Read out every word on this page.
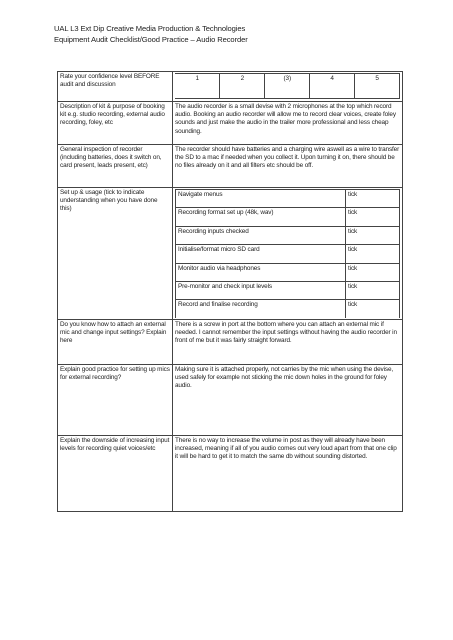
UAL L3 Ext Dip Creative Media Production & Technologies
Equipment Audit Checklist/Good Practice – Audio Recorder
Rate your confidence level BEFORE audit and discussion	
1	2	(3)	4	5

Description of kit & purpose of booking kit e.g. studio recording, external audio recording, foley, etc	The audio recorder is a small devise with 2 microphones at the top which record audio. Booking an audio recorder will allow me to record clear voices, create foley sounds and just make the audio in the trailer more professional and less cheap sounding.
General inspection of recorder (including batteries, does it switch on, card present, leads present, etc)	The recorder should have batteries and a charging wire aswell as a wire to transfer the SD to a mac if needed when you collect it. Upon turning it on, there should be no files already on it and all filters etc should be off.
Set up & usage (tick to indicate understanding when you have done this)	
Navigate menus	tick
Recording format set up (48k, wav)	tick
Recording inputs checked	tick
Initialise/format micro SD card	tick
Monitor audio via headphones	tick
Pre-monitor and check input levels	tick
Record and finalise recording	tick

Do you know how to attach an external mic and change input settings? Explain here	There is a screw in port at the bottom where you can attach an external mic if needed. I cannot remember the input settings without having the audio recorder in front of me but it was fairly straight forward.
Explain good practice for setting up mics for external recording?	Making sure it is attached properly, not carries by the mic when using the devise, used safely for example not sticking the mic down holes in the ground for foley audio.
Explain the downside of increasing input levels for recording quiet voices/etc	There is no way to increase the volume in post as they will already have been increased, meaning if all of you audio comes out very loud apart from that one clip it will be hard to get it to match the same db without sounding distorted.
